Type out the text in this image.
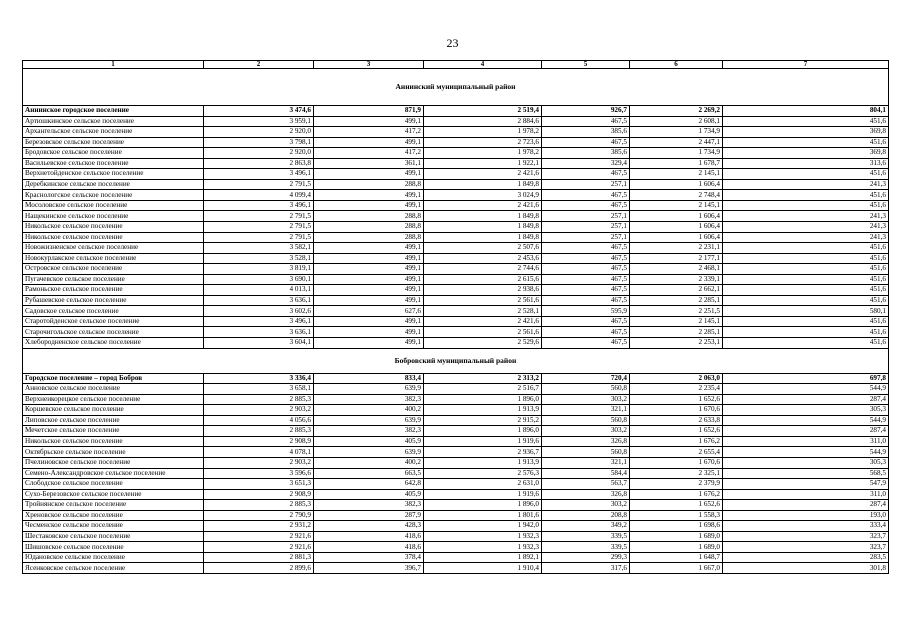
23
1	2	3	4	5	6	7
Аннинский муниципальный район						
Аннинское городское поселение	3 474,6	871,9	2 519,4	926,7	2 269,2	804,1
Артюшкинское сельское поселение	3 959,1	499,1	2 884,6	467,5	2 608,1	451,6
Архангельское сельское поселение	2 920,0	417,2	1 978,2	385,6	1 734,9	369,8
Березовское сельское поселение	3 798,1	499,1	2 723,6	467,5	2 447,1	451,6
Бродовское сельское поселение	2 920,0	417,2	1 978,2	385,6	1 734,9	369,8
Васильевское сельское поселение	2 863,8	361,1	1 922,1	329,4	1 678,7	313,6
Верхнетойденское сельское поселение	3 496,1	499,1	2 421,6	467,5	2 145,1	451,6
Деребкинское сельское поселение	2 791,5	288,8	1 849,8	257,1	1 606,4	241,3
Краснологское сельское поселение	4 099,4	499,1	3 024,9	467,5	2 748,4	451,6
Мосоловское сельское поселение	3 496,1	499,1	2 421,6	467,5	2 145,1	451,6
Нащекинское сельское поселение	2 791,5	288,8	1 849,8	257,1	1 606,4	241,3
Никольское сельское поселение	2 791,5	288,8	1 849,8	257,1	1 606,4	241,3
Никольское сельское поселение	2 791,5	288,8	1 849,8	257,1	1 606,4	241,3
Новожизненское сельское поселение	3 582,1	499,1	2 507,6	467,5	2 231,1	451,6
Новокурлакское сельское поселение	3 528,1	499,1	2 453,6	467,5	2 177,1	451,6
Островское сельское поселение	3 819,1	499,1	2 744,6	467,5	2 468,1	451,6
Пугачевское сельское поселение	3 690,1	499,1	2 615,6	467,5	2 339,1	451,6
Рамоньское сельское поселение	4 013,1	499,1	2 938,6	467,5	2 662,1	451,6
Рубашевское сельское поселение	3 636,1	499,1	2 561,6	467,5	2 285,1	451,6
Садовское сельское поселение	3 602,6	627,6	2 528,1	595,9	2 251,5	580,1
Старотойденское сельское поселение	3 496,1	499,1	2 421,6	467,5	2 145,1	451,6
Старочигольское сельское поселение	3 636,1	499,1	2 561,6	467,5	2 285,1	451,6
Хлебородненское сельское поселение	3 604,1	499,1	2 529,6	467,5	2 253,1	451,6
Бобровский муниципальный район						
Городское поселение – город Бобров	3 336,4	833,4	2 313,2	720,4	2 063,0	697,8
Анновское сельское поселение	3 658,1	639,9	2 516,7	560,8	2 235,4	544,9
Верхнеикорецкое сельское поселение	2 885,3	382,3	1 896,0	303,2	1 652,6	287,4
Коршевское сельское поселение	2 903,2	400,2	1 913,9	321,1	1 670,6	305,3
Липовское сельское поселение	4 056,6	639,9	2 915,2	560,8	2 633,8	544,9
Мечетское сельское поселение	2 885,3	382,3	1 896,0	303,2	1 652,6	287,4
Никольское сельское поселение	2 908,9	405,9	1 919,6	326,8	1 676,2	311,0
Октябрьское сельское поселение	4 078,1	639,9	2 936,7	560,8	2 655,4	544,9
Пчелиновское сельское поселение	2 903,2	400,2	1 913,9	321,1	1 670,6	305,3
Семено-Александровское сельское поселение	3 596,6	663,5	2 576,3	584,4	2 325,1	568,5
Слободское сельское поселение	3 651,3	642,8	2 631,0	563,7	2 379,9	547,9
Сухо-Березовское сельское поселение	2 908,9	405,9	1 919,6	326,8	1 676,2	311,0
Тройнянское сельское поселение	2 885,3	382,3	1 896,0	303,2	1 652,6	287,4
Хреновское сельское поселение	2 790,9	287,9	1 801,6	208,8	1 558,3	193,0
Чесменское сельское поселение	2 931,2	428,3	1 942,0	349,2	1 698,6	333,4
Шестаковское сельское поселение	2 921,6	418,6	1 932,3	339,5	1 689,0	323,7
Шишовское сельское поселение	2 921,6	418,6	1 932,3	339,5	1 689,0	323,7
Юдановское сельское поселение	2 881,3	378,4	1 892,1	299,3	1 648,7	283,5
Ясенковское сельское поселение	2 899,6	396,7	1 910,4	317,6	1 667,0	301,8
